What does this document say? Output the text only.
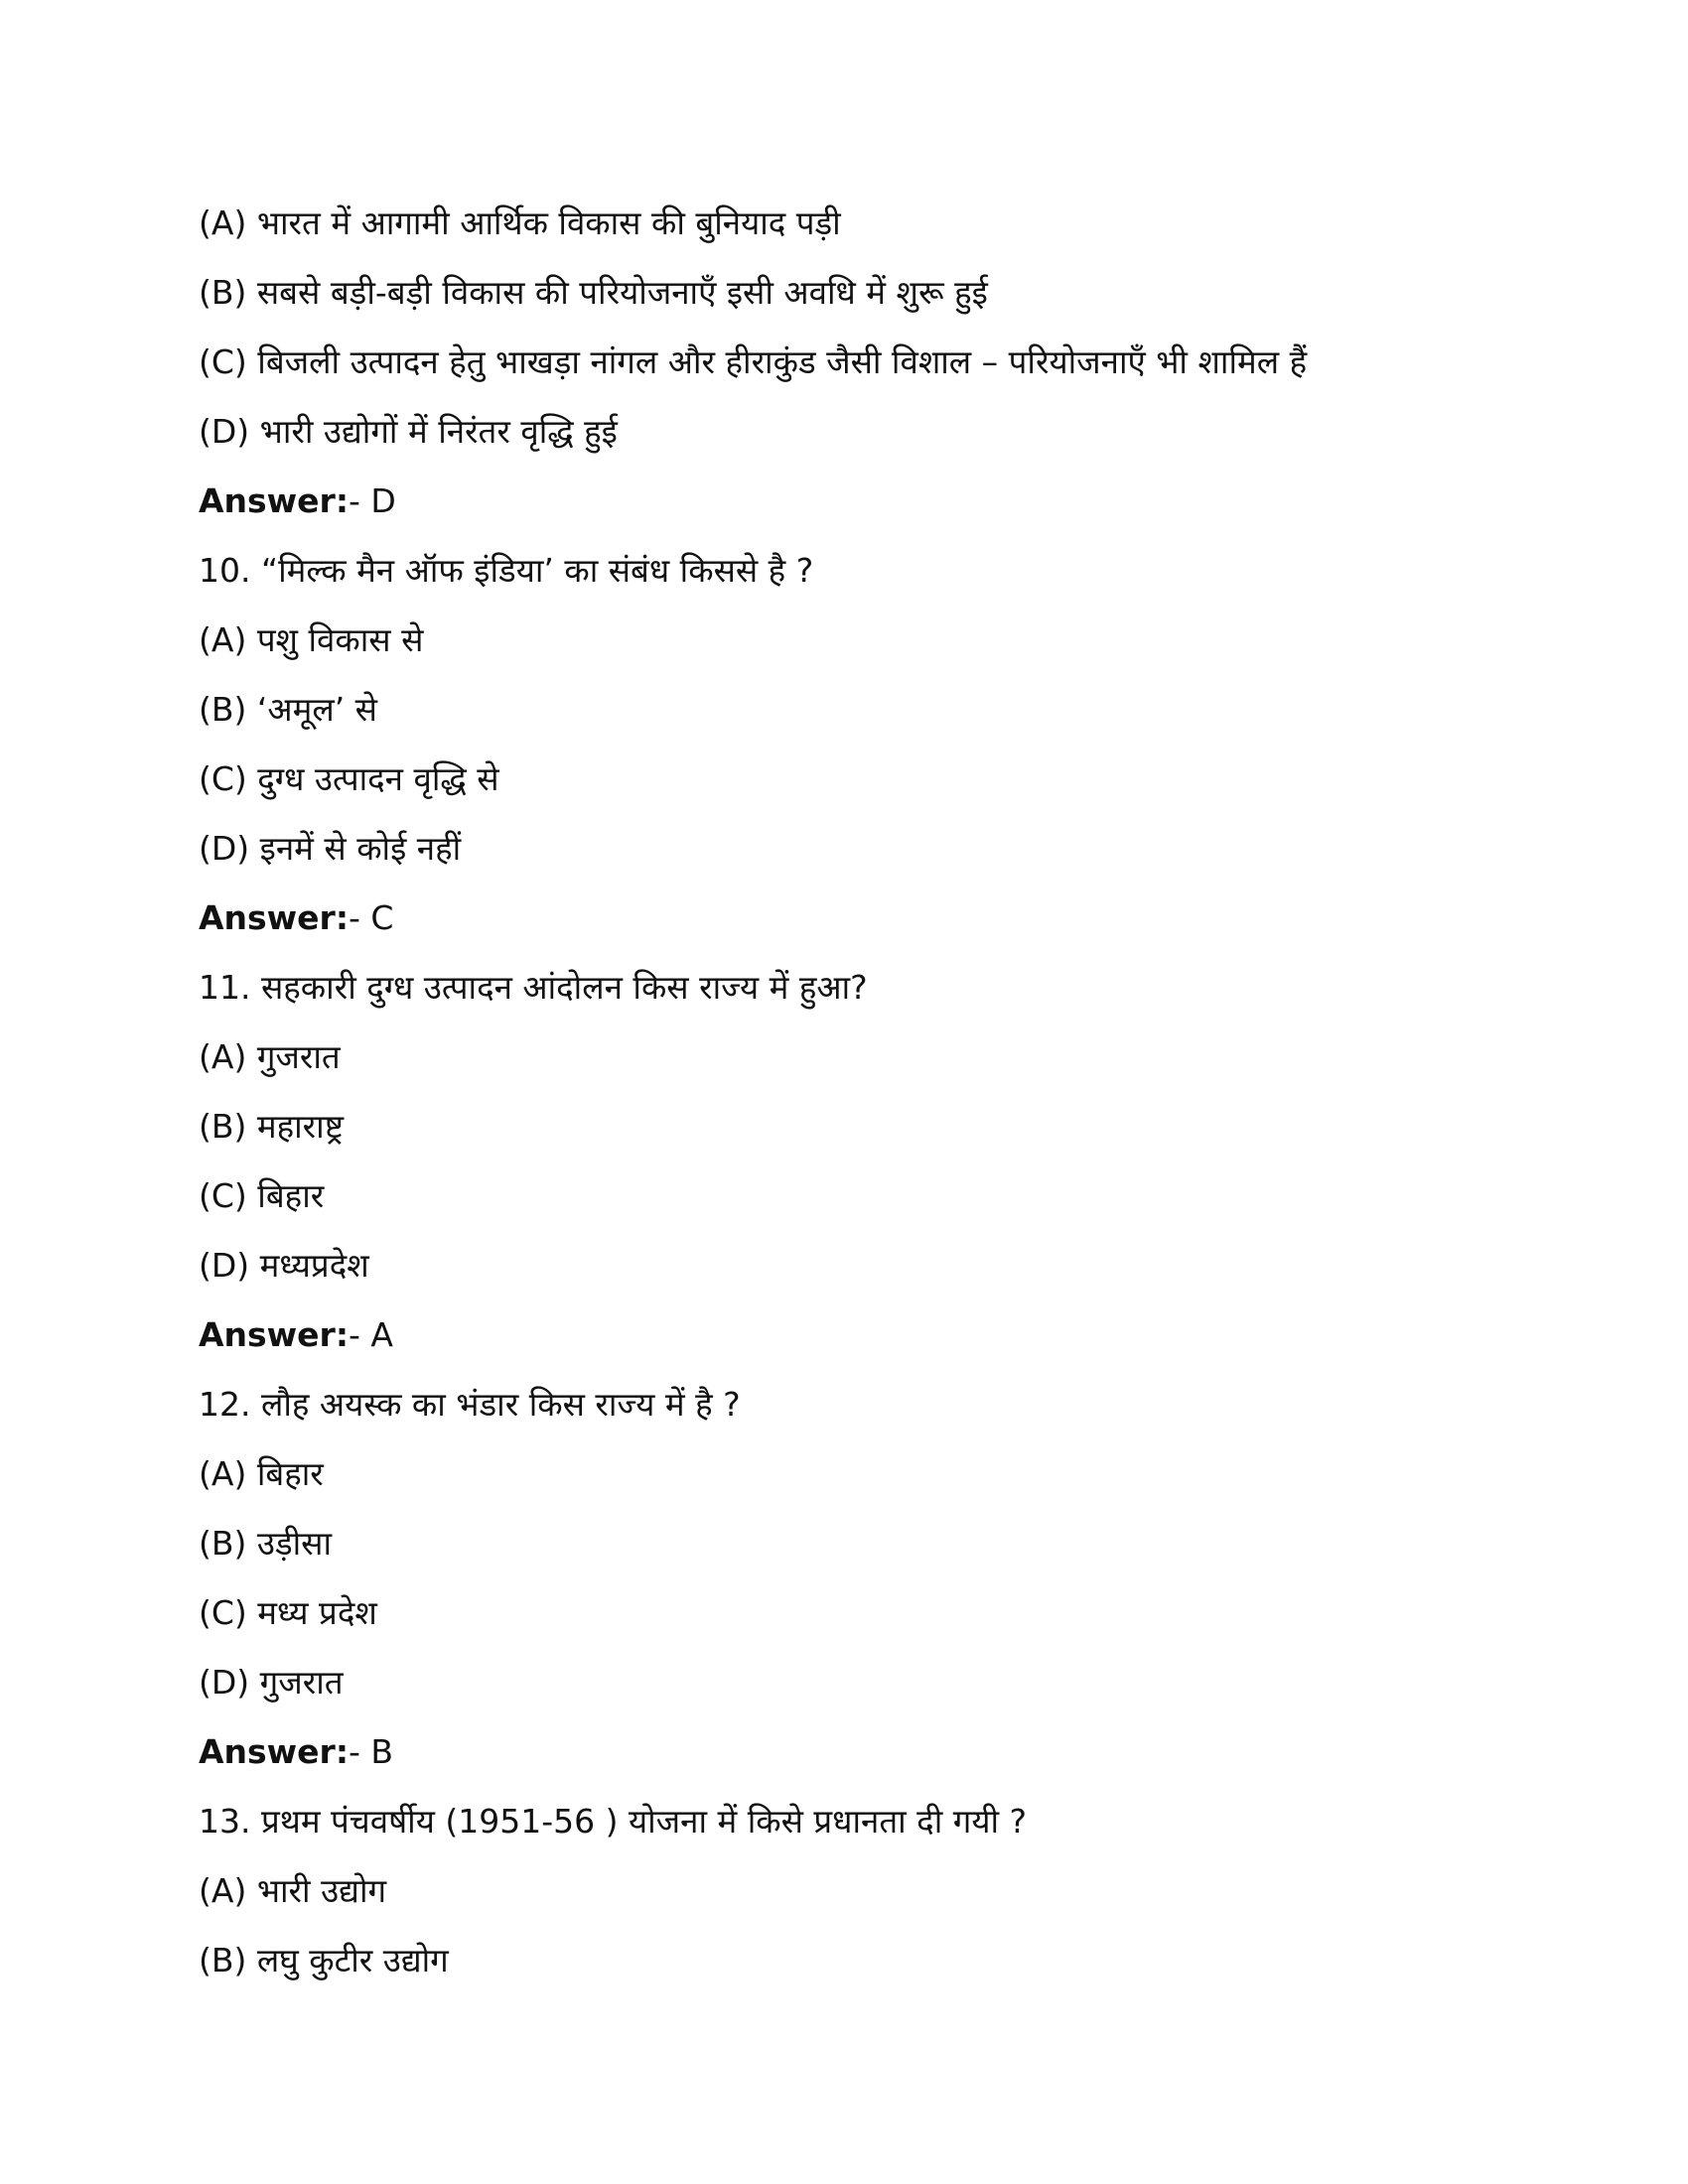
(A) भारत में आगामी आर्थिक विकास की बुनियाद पड़ी
(B) सबसे बड़ी-बड़ी विकास की परियोजनाएँ इसी अवधि में शुरू हुई
(C) बिजली उत्पादन हेतु भाखड़ा नांगल और हीराकुंड जैसी विशाल – परियोजनाएँ भी शामिल हैं
(D) भारी उद्योगों में निरंतर वृद्धि हुई
Answer:- D
10. “मिल्क मैन ऑफ इंडिया’ का संबंध किससे है ?
(A) पशु विकास से
(B) ‘अमूल’ से
(C) दुग्ध उत्पादन वृद्धि से
(D) इनमें से कोई नहीं
Answer:- C
11. सहकारी दुग्ध उत्पादन आंदोलन किस राज्य में हुआ?
(A) गुजरात
(B) महाराष्ट्र
(C) बिहार
(D) मध्यप्रदेश
Answer:- A
12. लौह अयस्क का भंडार किस राज्य में है ?
(A) बिहार
(B) उड़ीसा
(C) मध्य प्रदेश
(D) गुजरात
Answer:- B
13. प्रथम पंचवर्षीय (1951-56 ) योजना में किसे प्रधानता दी गयी ?
(A) भारी उद्योग
(B) लघु कुटीर उद्योग
